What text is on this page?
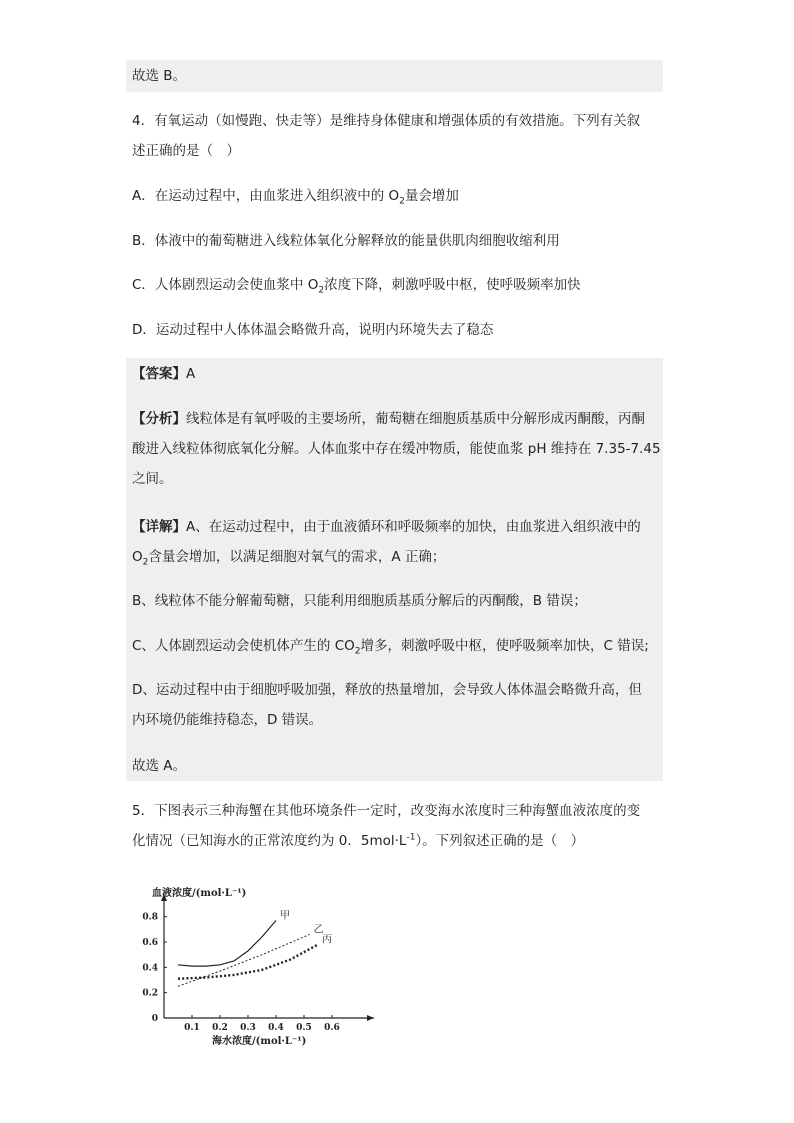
故选 B。
4．有氧运动（如慢跑、快走等）是维持身体健康和增强体质的有效措施。下列有关叙
述正确的是（　）
A．在运动过程中，由血浆进入组织液中的 $O_2$量会增加
B．体液中的葡萄糖进入线粒体氧化分解释放的能量供肌肉细胞收缩利用
C．人体剧烈运动会使血浆中 $O_2$浓度下降，刺激呼吸中枢，使呼吸频率加快
D．运动过程中人体体温会略微升高，说明内环境失去了稳态
【答案】A
【分析】线粒体是有氧呼吸的主要场所，葡萄糖在细胞质基质中分解形成丙酮酸，丙酮
酸进入线粒体彻底氧化分解。人体血浆中存在缓冲物质，能使血浆 pH 维持在 7.35-7.45
之间。
【详解】A、在运动过程中，由于血液循环和呼吸频率的加快，由血浆进入组织液中的
$O_2$含量会增加，以满足细胞对氧气的需求，A 正确；
B、线粒体不能分解葡萄糖，只能利用细胞质基质分解后的丙酮酸，B 错误；
C、人体剧烈运动会使机体产生的 $CO_2$增多，刺激呼吸中枢，使呼吸频率加快，C 错误;
D、运动过程中由于细胞呼吸加强，释放的热量增加，会导致人体体温会略微升高，但
内环境仍能维持稳态，D 错误。
故选 A。
5．下图表示三种海蟹在其他环境条件一定时，改变海水浓度时三种海蟹血液浓度的变
化情况（已知海水的正常浓度约为 0．$5mol\cdot L^{-1}$）。下列叙述正确的是（　）
0.1 0.2 0.3 0.4 0.5 0.6
0
0.2
0.4
0.6
0.8	甲
乙
丙
血液浓度/(mol·L⁻¹)
海水浓度/(mol·L⁻¹)
